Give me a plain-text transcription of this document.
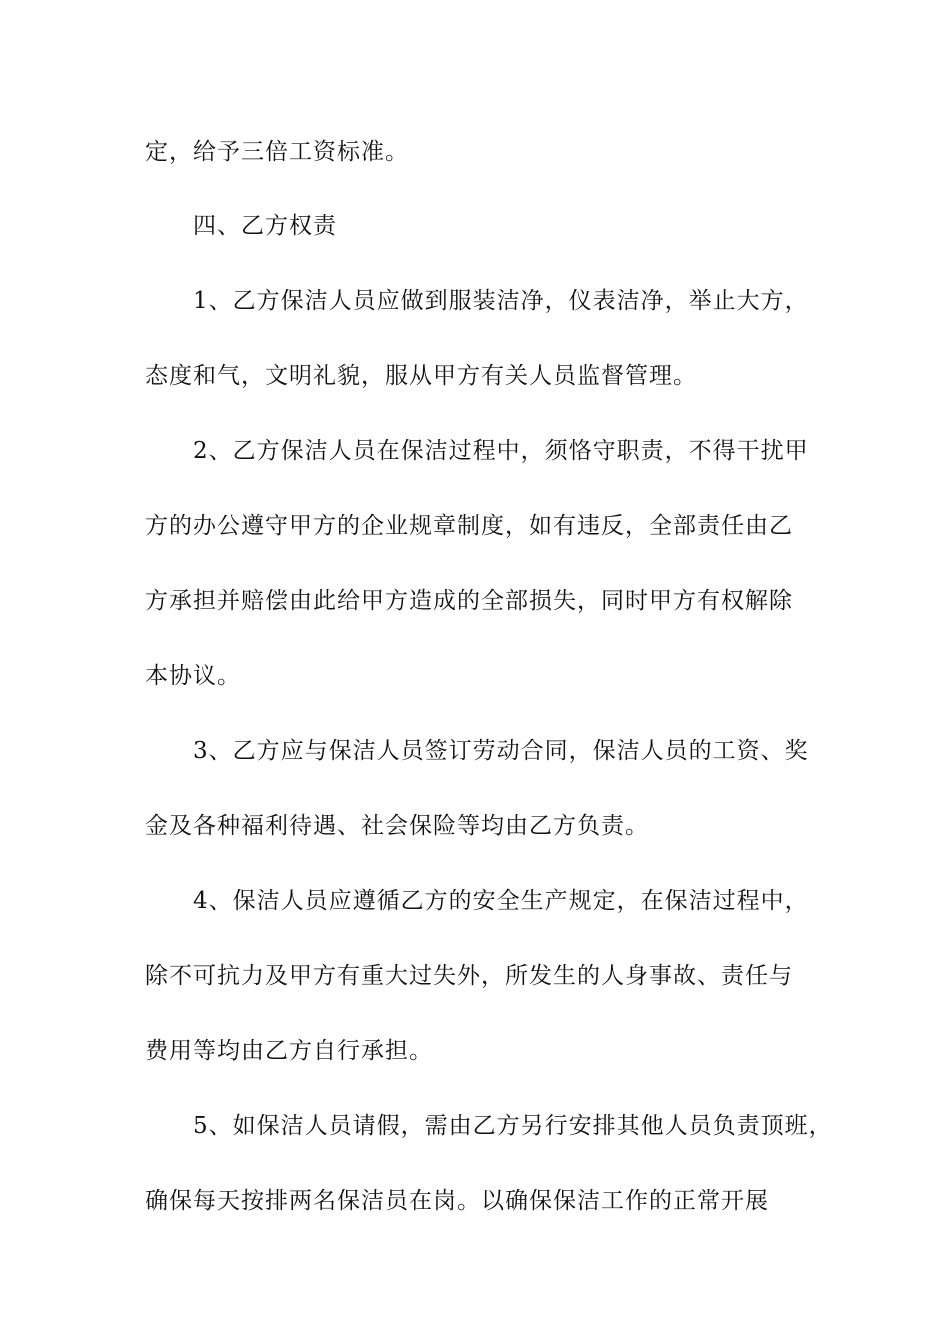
定，给予三倍工资标准。
四、乙方权责
1、乙方保洁人员应做到服装洁净，仪表洁净，举止大方，
态度和气，文明礼貌，服从甲方有关人员监督管理。
2、乙方保洁人员在保洁过程中，须恪守职责，不得干扰甲
方的办公遵守甲方的企业规章制度，如有违反，全部责任由乙
方承担并赔偿由此给甲方造成的全部损失，同时甲方有权解除
本协议。
3、乙方应与保洁人员签订劳动合同，保洁人员的工资、奖
金及各种福利待遇、社会保险等均由乙方负责。
4、保洁人员应遵循乙方的安全生产规定，在保洁过程中，
除不可抗力及甲方有重大过失外，所发生的人身事故、责任与
费用等均由乙方自行承担。
5、如保洁人员请假，需由乙方另行安排其他人员负责顶班，
确保每天按排两名保洁员在岗。以确保保洁工作的正常开展
